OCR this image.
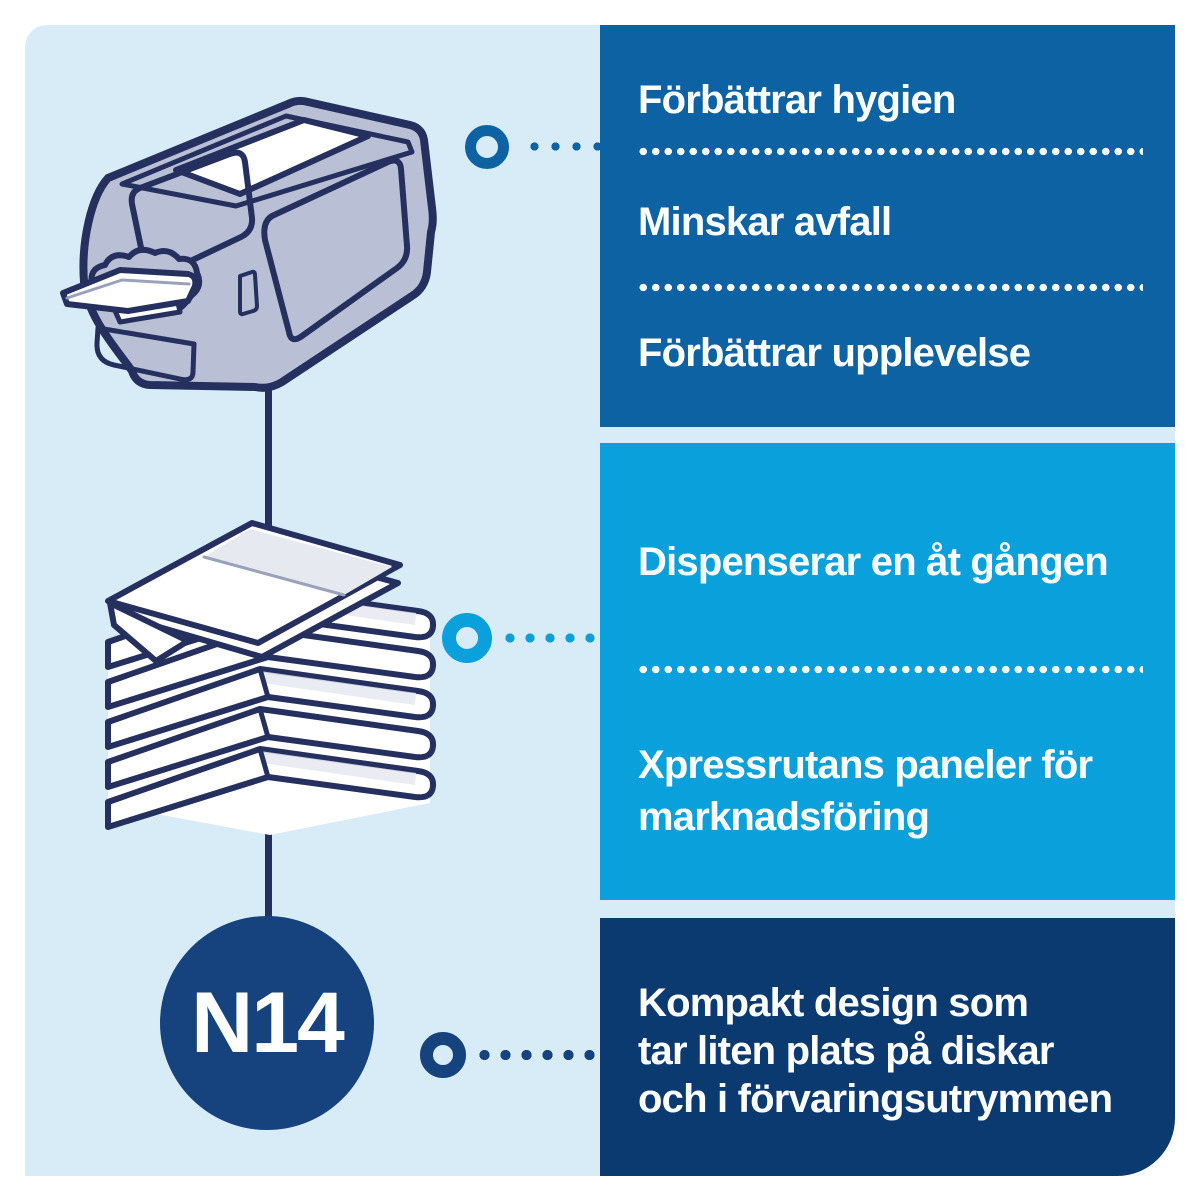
N14
Förbättrar hygien
Minskar avfall
Förbättrar upplevelse
Dispenserar en åt gången
Xpressrutans paneler för
marknadsföring
Kompakt design som
tar liten plats på diskar
och i förvaringsutrymmen
